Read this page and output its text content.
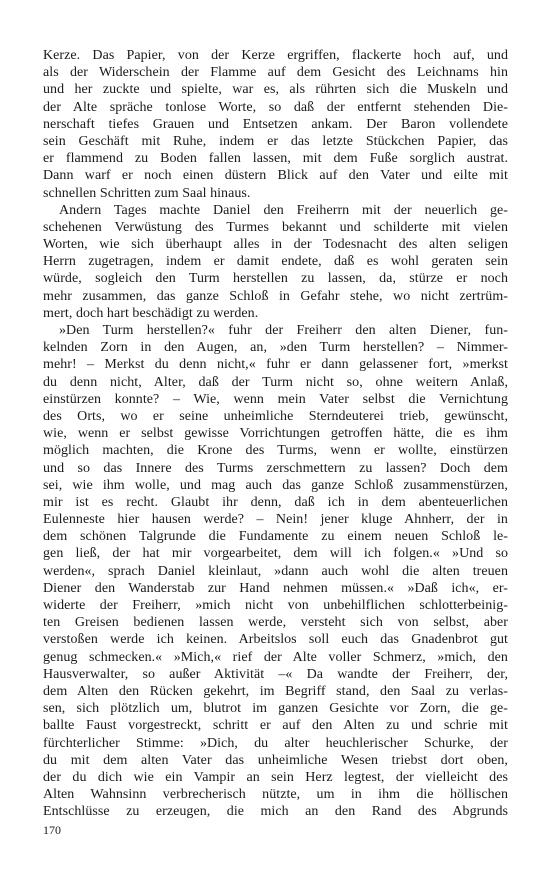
Kerze. Das Papier, von der Kerze ergriffen, flackerte hoch auf, und
als der Widerschein der Flamme auf dem Gesicht des Leichnams hin
und her zuckte und spielte, war es, als rührten sich die Muskeln und
der Alte spräche tonlose Worte, so daß der entfernt stehenden Die-
nerschaft tiefes Grauen und Entsetzen ankam. Der Baron vollendete
sein Geschäft mit Ruhe, indem er das letzte Stückchen Papier, das
er flammend zu Boden fallen lassen, mit dem Fuße sorglich austrat.
Dann warf er noch einen düstern Blick auf den Vater und eilte mit
schnellen Schritten zum Saal hinaus.
Andern Tages machte Daniel den Freiherrn mit der neuerlich ge-
schehenen Verwüstung des Turmes bekannt und schilderte mit vielen
Worten, wie sich überhaupt alles in der Todesnacht des alten seligen
Herrn zugetragen, indem er damit endete, daß es wohl geraten sein
würde, sogleich den Turm herstellen zu lassen, da, stürze er noch
mehr zusammen, das ganze Schloß in Gefahr stehe, wo nicht zertrüm-
mert, doch hart beschädigt zu werden.
»Den Turm herstellen?« fuhr der Freiherr den alten Diener, fun-
kelnden Zorn in den Augen, an, »den Turm herstellen? – Nimmer-
mehr! – Merkst du denn nicht,« fuhr er dann gelassener fort, »merkst
du denn nicht, Alter, daß der Turm nicht so, ohne weitern Anlaß,
einstürzen konnte? – Wie, wenn mein Vater selbst die Vernichtung
des Orts, wo er seine unheimliche Sterndeuterei trieb, gewünscht,
wie, wenn er selbst gewisse Vorrichtungen getroffen hätte, die es ihm
möglich machten, die Krone des Turms, wenn er wollte, einstürzen
und so das Innere des Turms zerschmettern zu lassen? Doch dem
sei, wie ihm wolle, und mag auch das ganze Schloß zusammenstürzen,
mir ist es recht. Glaubt ihr denn, daß ich in dem abenteuerlichen
Eulenneste hier hausen werde? – Nein! jener kluge Ahnherr, der in
dem schönen Talgrunde die Fundamente zu einem neuen Schloß le-
gen ließ, der hat mir vorgearbeitet, dem will ich folgen.« »Und so
werden«, sprach Daniel kleinlaut, »dann auch wohl die alten treuen
Diener den Wanderstab zur Hand nehmen müssen.« »Daß ich«, er-
widerte der Freiherr, »mich nicht von unbehilflichen schlotterbeinig-
ten Greisen bedienen lassen werde, versteht sich von selbst, aber
verstoßen werde ich keinen. Arbeitslos soll euch das Gnadenbrot gut
genug schmecken.« »Mich,« rief der Alte voller Schmerz, »mich, den
Hausverwalter, so außer Aktivität –« Da wandte der Freiherr, der,
dem Alten den Rücken gekehrt, im Begriff stand, den Saal zu verlas-
sen, sich plötzlich um, blutrot im ganzen Gesichte vor Zorn, die ge-
ballte Faust vorgestreckt, schritt er auf den Alten zu und schrie mit
fürchterlicher Stimme: »Dich, du alter heuchlerischer Schurke, der
du mit dem alten Vater das unheimliche Wesen triebst dort oben,
der du dich wie ein Vampir an sein Herz legtest, der vielleicht des
Alten Wahnsinn verbrecherisch nützte, um in ihm die höllischen
Entschlüsse zu erzeugen, die mich an den Rand des Abgrunds
170
